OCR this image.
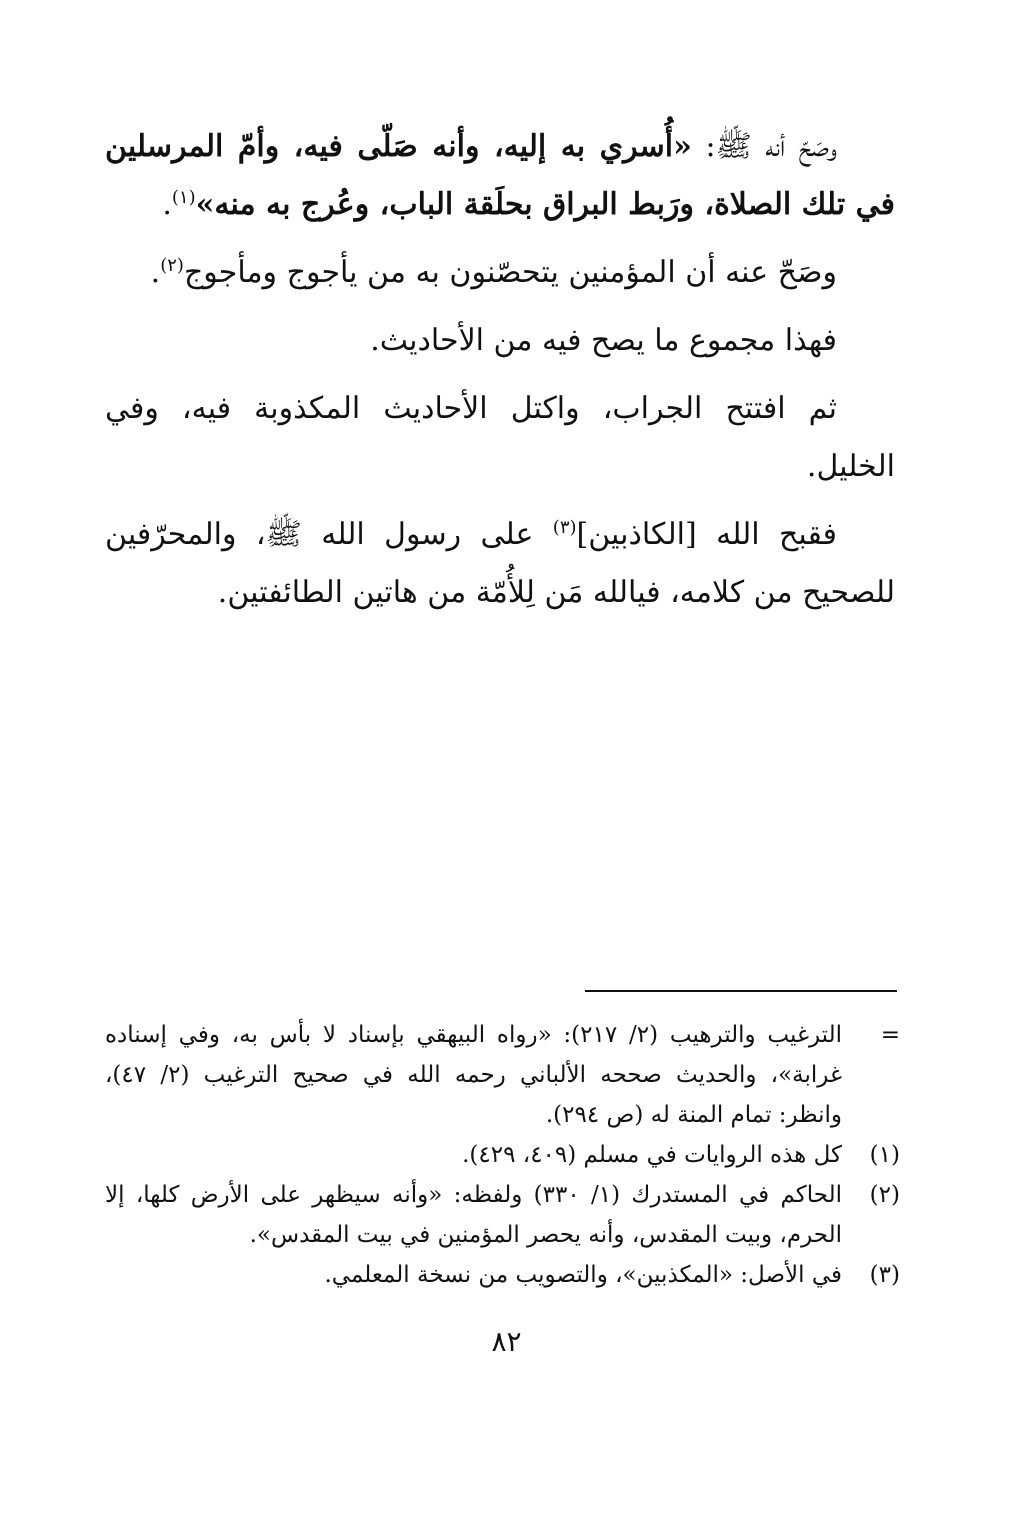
وصَحّ أنه ﷺ: «أُسري به إليه، وأنه صَلّى فيه، وأمّ المرسلين في تلك الصلاة، ورَبط البراق بحلَقة الباب، وعُرج به منه»$^{(١)}$.

وصَحّ عنه أن المؤمنين يتحصّنون به من يأجوج ومأجوج$^{(٢)}$.

فهذا مجموع ما يصح فيه من الأحاديث.

ثم افتتح الجراب، واكتل الأحاديث المكذوبة فيه، وفي الخليل.

فقبح الله [الكاذبين]$^{(٣)}$ على رسول الله ﷺ، والمحرّفين للصحيح من كلامه، فيالله مَن لِلأُمّة من هاتين الطائفتين.

=
الترغيب والترهيب (٢/ ٢١٧): «رواه البيهقي بإسناد لا بأس به، وفي إسناده غرابة»، والحديث صححه الألباني رحمه الله في صحيح الترغيب (٢/ ٤٧)، وانظر: تمام المنة له (ص ٢٩٤).
(١)
كل هذه الروايات في مسلم (٤٠٩، ٤٢٩).
(٢)
الحاكم في المستدرك (١/ ٣٣٠) ولفظه: «وأنه سيظهر على الأرض كلها، إلا الحرم، وبيت المقدس، وأنه يحصر المؤمنين في بيت المقدس».
(٣)
في الأصل: «المكذبين»، والتصويب من نسخة المعلمي.
٨٢
